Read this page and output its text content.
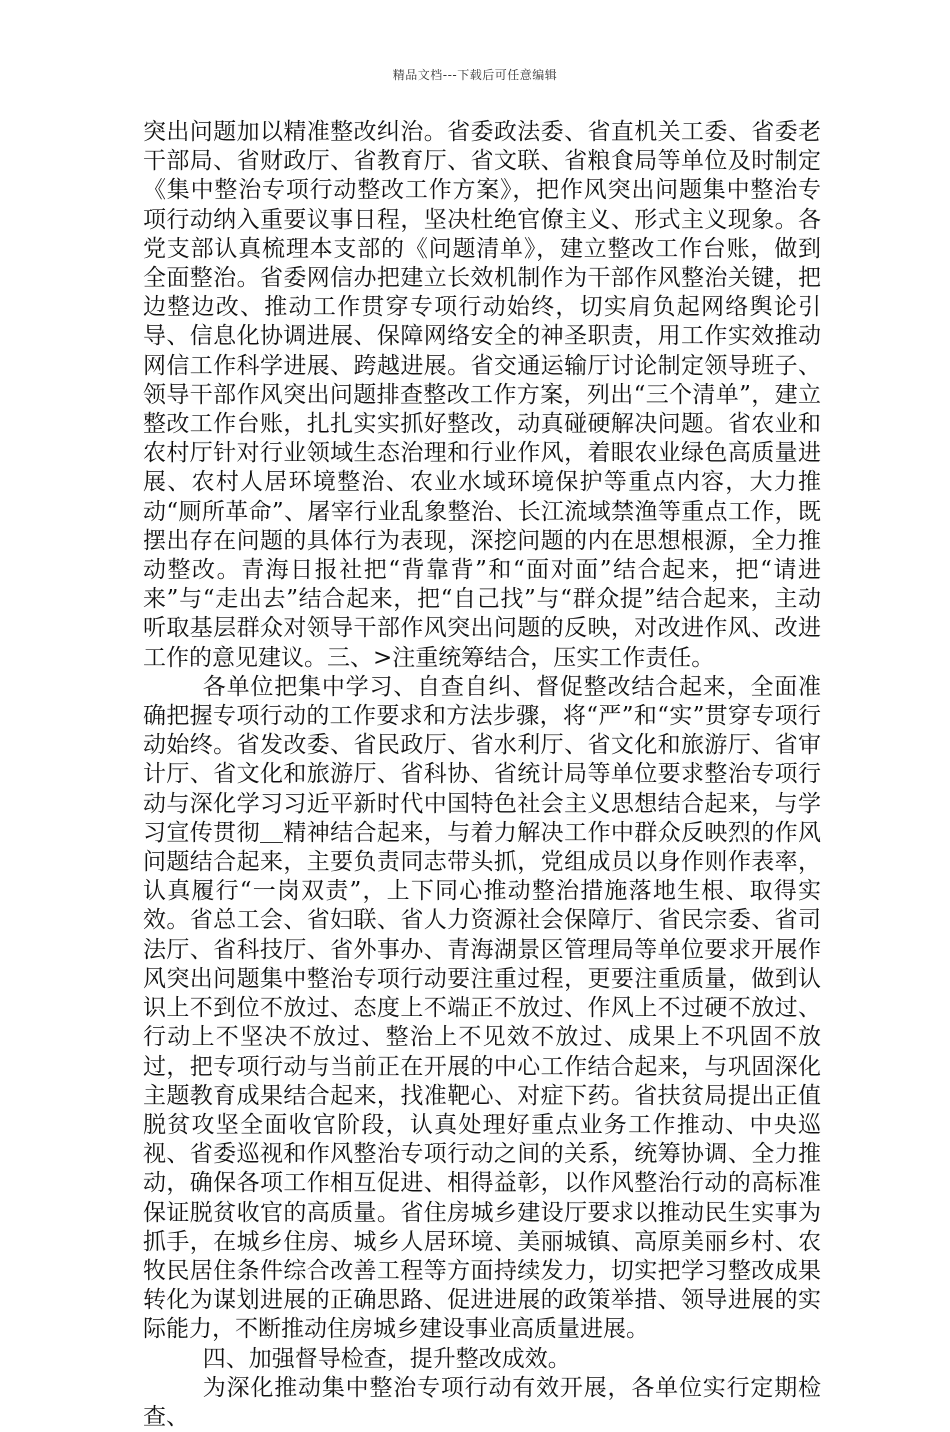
精品文档---下载后可任意编辑

突出问题加以精准整改纠治。省委政法委、省直机关工委、省委老干部局、省财政厅、省教育厅、省文联、省粮食局等单位及时制定《集中整治专项行动整改工作方案》，把作风突出问题集中整治专项行动纳入重要议事日程，坚决杜绝官僚主义、形式主义现象。各党支部认真梳理本支部的《问题清单》，建立整改工作台账，做到全面整治。省委网信办把建立长效机制作为干部作风整治关键，把边整边改、推动工作贯穿专项行动始终，切实肩负起网络舆论引导、信息化协调进展、保障网络安全的神圣职责，用工作实效推动网信工作科学进展、跨越进展。省交通运输厅讨论制定领导班子、领导干部作风突出问题排查整改工作方案，列出“三个清单”，建立整改工作台账，扎扎实实抓好整改，动真碰硬解决问题。省农业和农村厅针对行业领域生态治理和行业作风，着眼农业绿色高质量进展、农村人居环境整治、农业水域环境保护等重点内容，大力推动“厕所革命”、屠宰行业乱象整治、长江流域禁渔等重点工作，既摆出存在问题的具体行为表现，深挖问题的内在思想根源，全力推动整改。青海日报社把“背靠背”和“面对面”结合起来，把“请进来”与“走出去”结合起来，把“自己找”与“群众提”结合起来，主动听取基层群众对领导干部作风突出问题的反映，对改进作风、改进工作的意见建议。三、>注重统筹结合，压实工作责任。

各单位把集中学习、自查自纠、督促整改结合起来，全面准确把握专项行动的工作要求和方法步骤，将“严”和“实”贯穿专项行动始终。省发改委、省民政厅、省水利厅、省文化和旅游厅、省审计厅、省文化和旅游厅、省科协、省统计局等单位要求整治专项行动与深化学习习近平新时代中国特色社会主义思想结合起来，与学习宣传贯彻＿精神结合起来，与着力解决工作中群众反映烈的作风问题结合起来，主要负责同志带头抓，党组成员以身作则作表率，认真履行“一岗双责”，上下同心推动整治措施落地生根、取得实效。省总工会、省妇联、省人力资源社会保障厅、省民宗委、省司法厅、省科技厅、省外事办、青海湖景区管理局等单位要求开展作风突出问题集中整治专项行动要注重过程，更要注重质量，做到认识上不到位不放过、态度上不端正不放过、作风上不过硬不放过、行动上不坚决不放过、整治上不见效不放过、成果上不巩固不放过，把专项行动与当前正在开展的中心工作结合起来，与巩固深化主题教育成果结合起来，找准靶心、对症下药。省扶贫局提出正值脱贫攻坚全面收官阶段，认真处理好重点业务工作推动、中央巡视、省委巡视和作风整治专项行动之间的关系，统筹协调、全力推动，确保各项工作相互促进、相得益彰，以作风整治行动的高标准保证脱贫收官的高质量。省住房城乡建设厅要求以推动民生实事为抓手，在城乡住房、城乡人居环境、美丽城镇、高原美丽乡村、农牧民居住条件综合改善工程等方面持续发力，切实把学习整改成果转化为谋划进展的正确思路、促进进展的政策举措、领导进展的实际能力，不断推动住房城乡建设事业高质量进展。

四、加强督导检查，提升整改成效。

为深化推动集中整治专项行动有效开展，各单位实行定期检查、
